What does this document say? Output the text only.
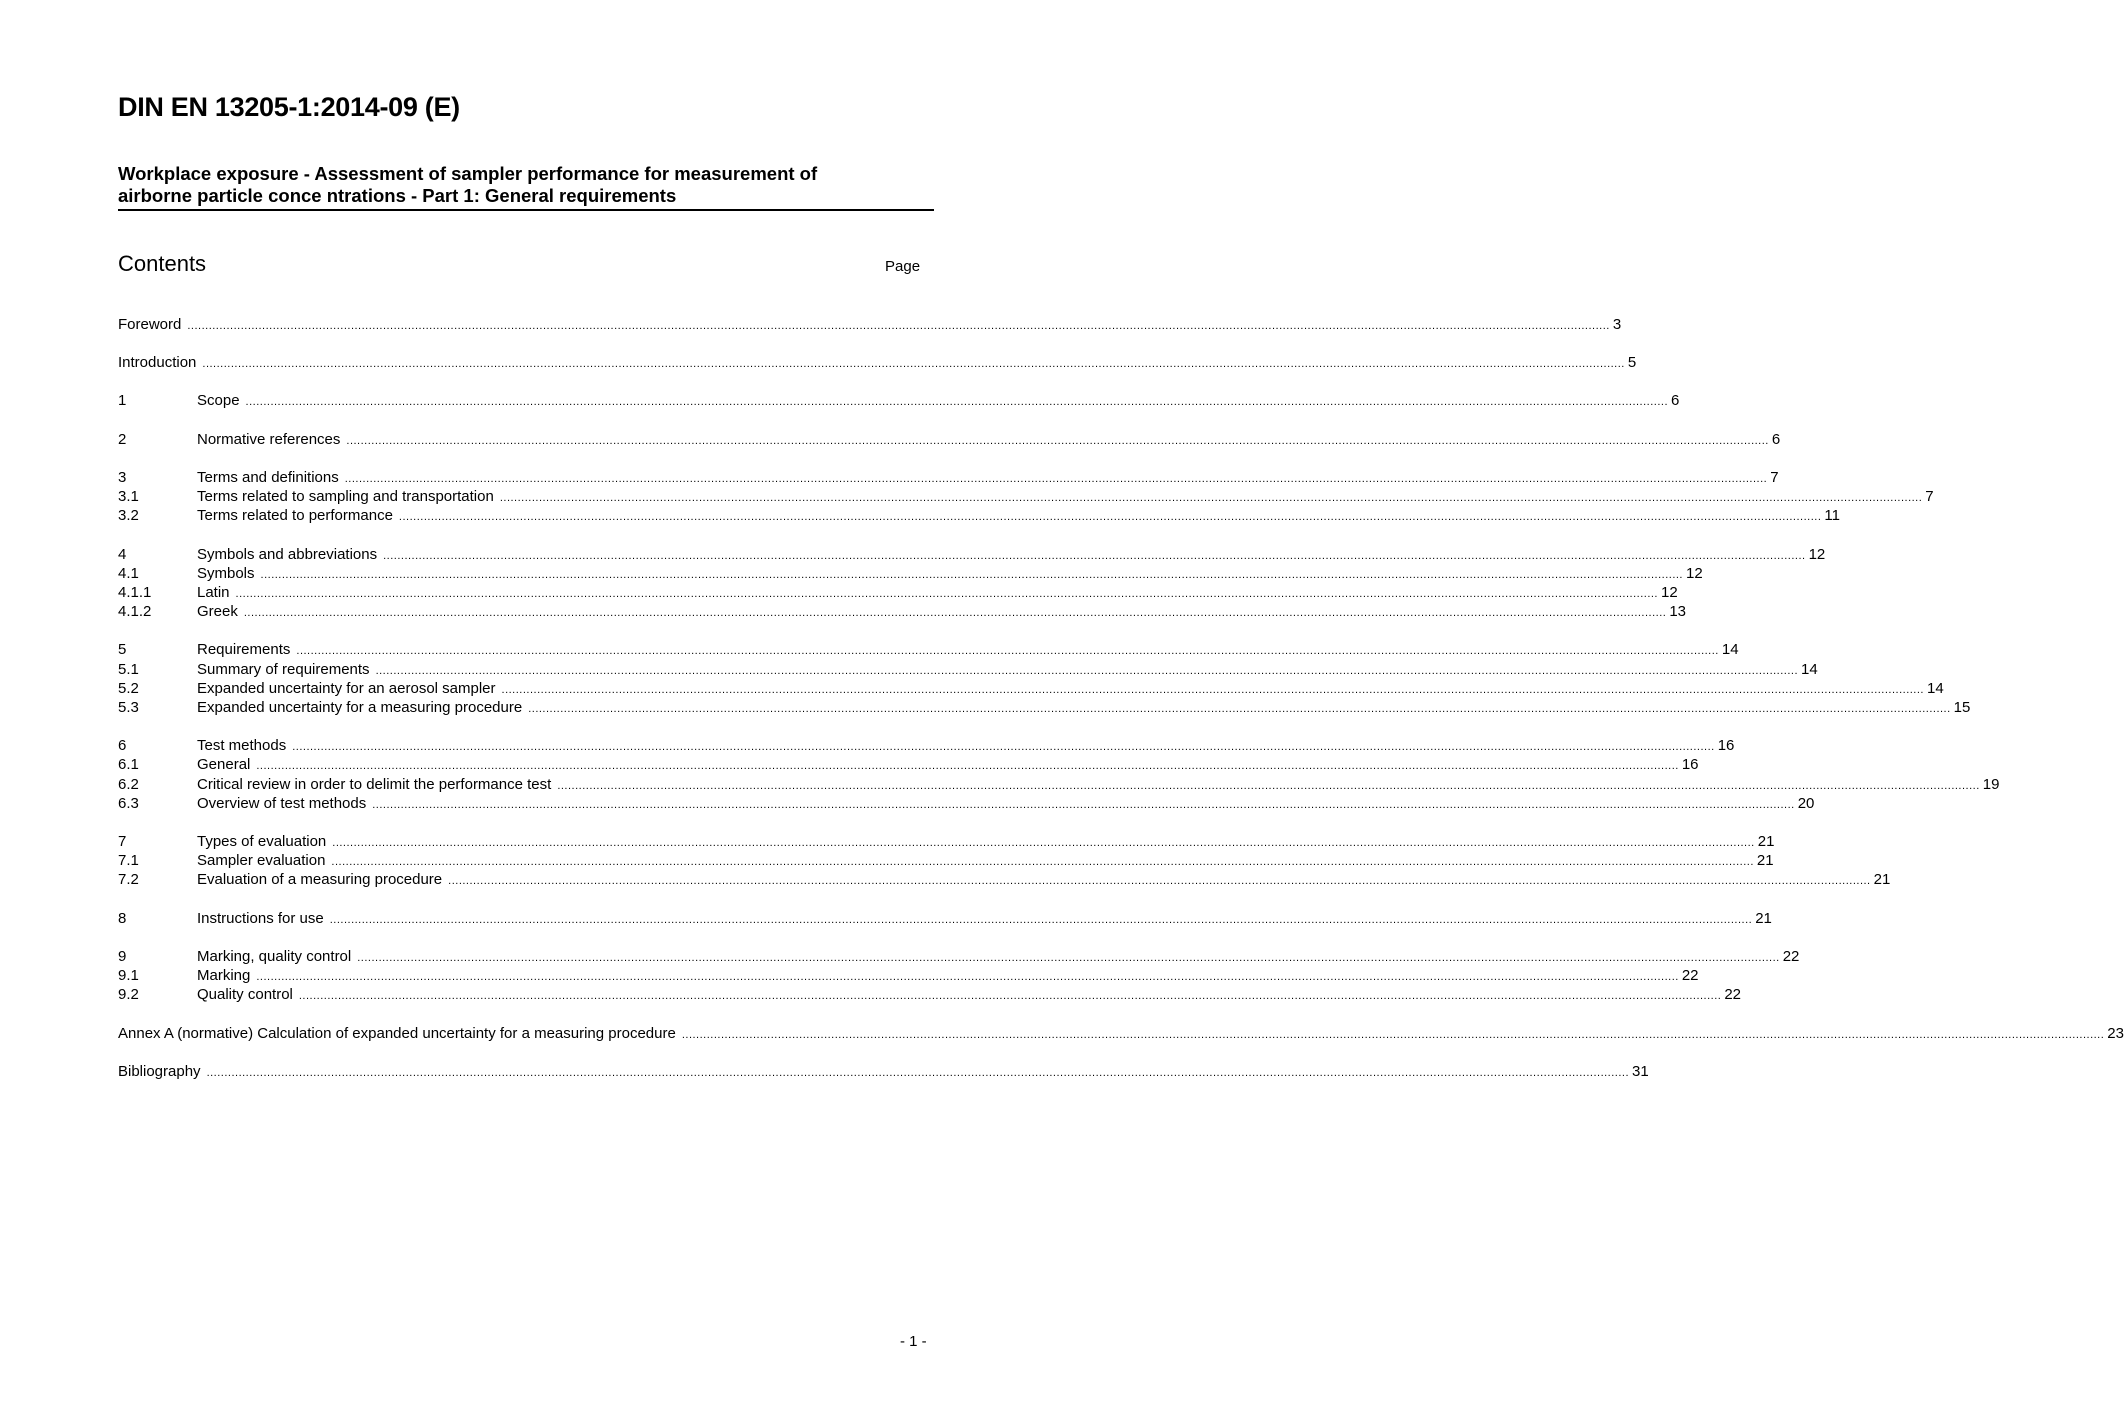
DIN EN 13205-1:2014-09 (E)
Workplace exposure - Assessment of sampler performance for measurement of
airborne particle conce ntrations - Part 1: General requirements
Contents	Page
Foreword ................................................................................................................................................................................................................................................................................................................................................................................................................ 3
Introduction ................................................................................................................................................................................................................................................................................................................................................................................................................ 5
1	Scope ................................................................................................................................................................................................................................................................................................................................................................................................................ 6
2	Normative references ................................................................................................................................................................................................................................................................................................................................................................................................................ 6
3	Terms and definitions ................................................................................................................................................................................................................................................................................................................................................................................................................ 7
3.1	Terms related to sampling and transportation ................................................................................................................................................................................................................................................................................................................................................................................................................ 7
3.2	Terms related to performance ................................................................................................................................................................................................................................................................................................................................................................................................................ 11
4	Symbols and abbreviations ................................................................................................................................................................................................................................................................................................................................................................................................................ 12
4.1	Symbols ................................................................................................................................................................................................................................................................................................................................................................................................................ 12
4.1.1	Latin ................................................................................................................................................................................................................................................................................................................................................................................................................ 12
4.1.2	Greek ................................................................................................................................................................................................................................................................................................................................................................................................................ 13
5	Requirements ................................................................................................................................................................................................................................................................................................................................................................................................................ 14
5.1	Summary of requirements ................................................................................................................................................................................................................................................................................................................................................................................................................ 14
5.2	Expanded uncertainty for an aerosol sampler ................................................................................................................................................................................................................................................................................................................................................................................................................ 14
5.3	Expanded uncertainty for a measuring procedure ................................................................................................................................................................................................................................................................................................................................................................................................................ 15
6	Test methods ................................................................................................................................................................................................................................................................................................................................................................................................................ 16
6.1	General ................................................................................................................................................................................................................................................................................................................................................................................................................ 16
6.2	Critical review in order to delimit the performance test ................................................................................................................................................................................................................................................................................................................................................................................................................ 19
6.3	Overview of test methods ................................................................................................................................................................................................................................................................................................................................................................................................................ 20
7	Types of evaluation ................................................................................................................................................................................................................................................................................................................................................................................................................ 21
7.1	Sampler evaluation ................................................................................................................................................................................................................................................................................................................................................................................................................ 21
7.2	Evaluation of a measuring procedure ................................................................................................................................................................................................................................................................................................................................................................................................................ 21
8	Instructions for use ................................................................................................................................................................................................................................................................................................................................................................................................................ 21
9	Marking, quality control ................................................................................................................................................................................................................................................................................................................................................................................................................ 22
9.1	Marking ................................................................................................................................................................................................................................................................................................................................................................................................................ 22
9.2	Quality control ................................................................................................................................................................................................................................................................................................................................................................................................................ 22
Annex A (normative) Calculation of expanded uncertainty for a measuring procedure ................................................................................................................................................................................................................................................................................................................................................................................................................ 23
Bibliography ................................................................................................................................................................................................................................................................................................................................................................................................................ 31
- 1 -
